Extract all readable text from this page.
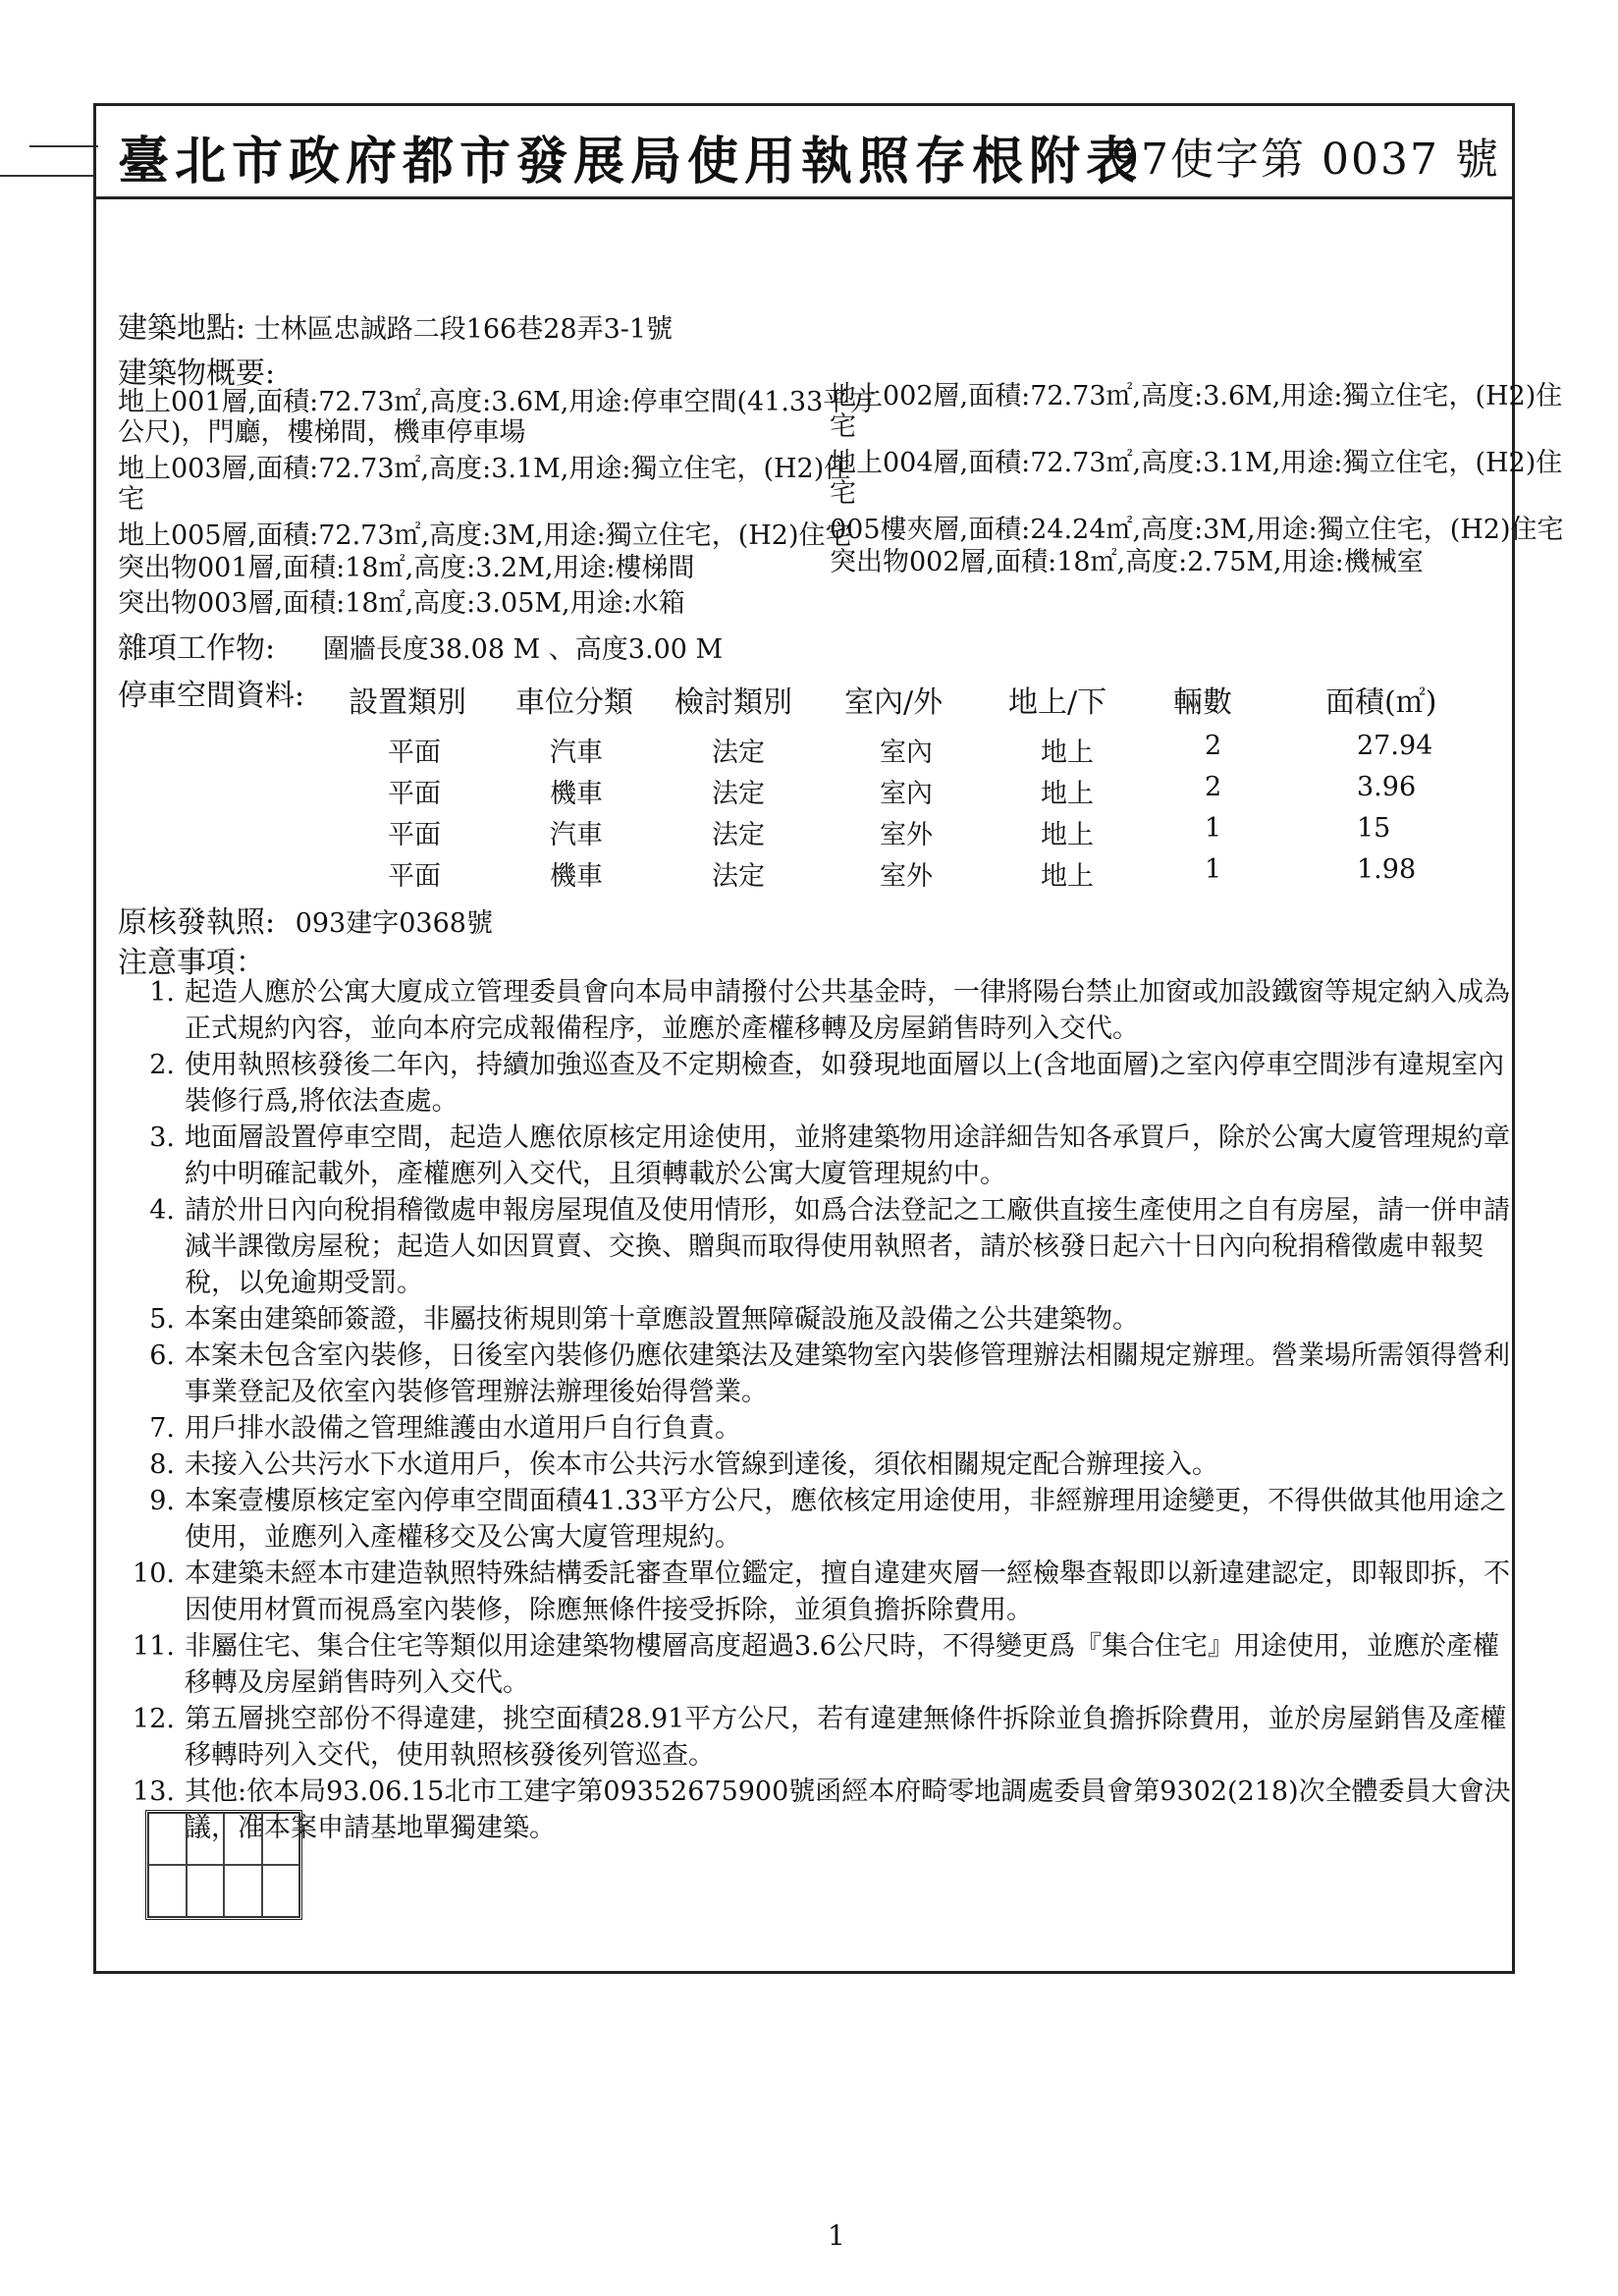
臺北市政府都市發展局使用執照存根附表
97使字第 0037 號
建築地點: 士林區忠誠路二段166巷28弄3-1號
建築物概要:
地上001層,面積:72.73㎡,高度:3.6M,用途:停車空間(41.33平方
公尺)，門廳，樓梯間，機車停車場
地上003層,面積:72.73㎡,高度:3.1M,用途:獨立住宅，(H2)住
宅
地上005層,面積:72.73㎡,高度:3M,用途:獨立住宅，(H2)住宅
突出物001層,面積:18㎡,高度:3.2M,用途:樓梯間
突出物003層,面積:18㎡,高度:3.05M,用途:水箱
地上002層,面積:72.73㎡,高度:3.6M,用途:獨立住宅，(H2)住
宅
地上004層,面積:72.73㎡,高度:3.1M,用途:獨立住宅，(H2)住
宅
005樓夾層,面積:24.24㎡,高度:3M,用途:獨立住宅，(H2)住宅
突出物002層,面積:18㎡,高度:2.75M,用途:機械室
雜項工作物: 圍牆長度38.08 M 、高度3.00 M
停車空間資料: 設置類別 車位分類 檢討類別 室內/外 地上/下 輛數	面積(㎡)
平面	汽車	法定	室內	地上	2	27.94
平面	機車	法定	室內	地上	2	3.96
平面	汽車	法定	室外	地上	1	15
平面	機車	法定	室外	地上	1	1.98
原核發執照: 093建字0368號
注意事項：
1. 起造人應於公寓大廈成立管理委員會向本局申請撥付公共基金時，一律將陽台禁止加窗或加設鐵窗等規定納入成為正式規約內容，並向本府完成報備程序，並應於產權移轉及房屋銷售時列入交代。
2. 使用執照核發後二年內，持續加強巡查及不定期檢查，如發現地面層以上(含地面層)之室內停車空間涉有違規室內裝修行爲,將依法查處。
3. 地面層設置停車空間，起造人應依原核定用途使用，並將建築物用途詳細告知各承買戶，除於公寓大廈管理規約章約中明確記載外，產權應列入交代，且須轉載於公寓大廈管理規約中。
4. 請於卅日內向稅捐稽徵處申報房屋現值及使用情形，如爲合法登記之工廠供直接生產使用之自有房屋，請一併申請減半課徵房屋稅；起造人如因買賣、交換、贈與而取得使用執照者，請於核發日起六十日內向稅捐稽徵處申報契稅，以免逾期受罰。
5. 本案由建築師簽證，非屬技術規則第十章應設置無障礙設施及設備之公共建築物。
6. 本案未包含室內裝修，日後室內裝修仍應依建築法及建築物室內裝修管理辦法相關規定辦理。營業場所需領得營利事業登記及依室內裝修管理辦法辦理後始得營業。
7. 用戶排水設備之管理維護由水道用戶自行負責。
8. 未接入公共污水下水道用戶，俟本市公共污水管線到達後，須依相關規定配合辦理接入。
9. 本案壹樓原核定室內停車空間面積41.33平方公尺，應依核定用途使用，非經辦理用途變更，不得供做其他用途之使用，並應列入產權移交及公寓大廈管理規約。
10. 本建築未經本市建造執照特殊結構委託審查單位鑑定，擅自違建夾層一經檢舉查報即以新違建認定，即報即拆，不因使用材質而視爲室內裝修，除應無條件接受拆除，並須負擔拆除費用。
11. 非屬住宅、集合住宅等類似用途建築物樓層高度超過3.6公尺時，不得變更爲『集合住宅』用途使用，並應於產權移轉及房屋銷售時列入交代。
12. 第五層挑空部份不得違建，挑空面積28.91平方公尺，若有違建無條件拆除並負擔拆除費用，並於房屋銷售及產權移轉時列入交代，使用執照核發後列管巡查。
13. 其他:依本局93.06.15北市工建字第09352675900號函經本府畸零地調處委員會第9302(218)次全體委員大會決議，准本案申請基地單獨建築。
1
